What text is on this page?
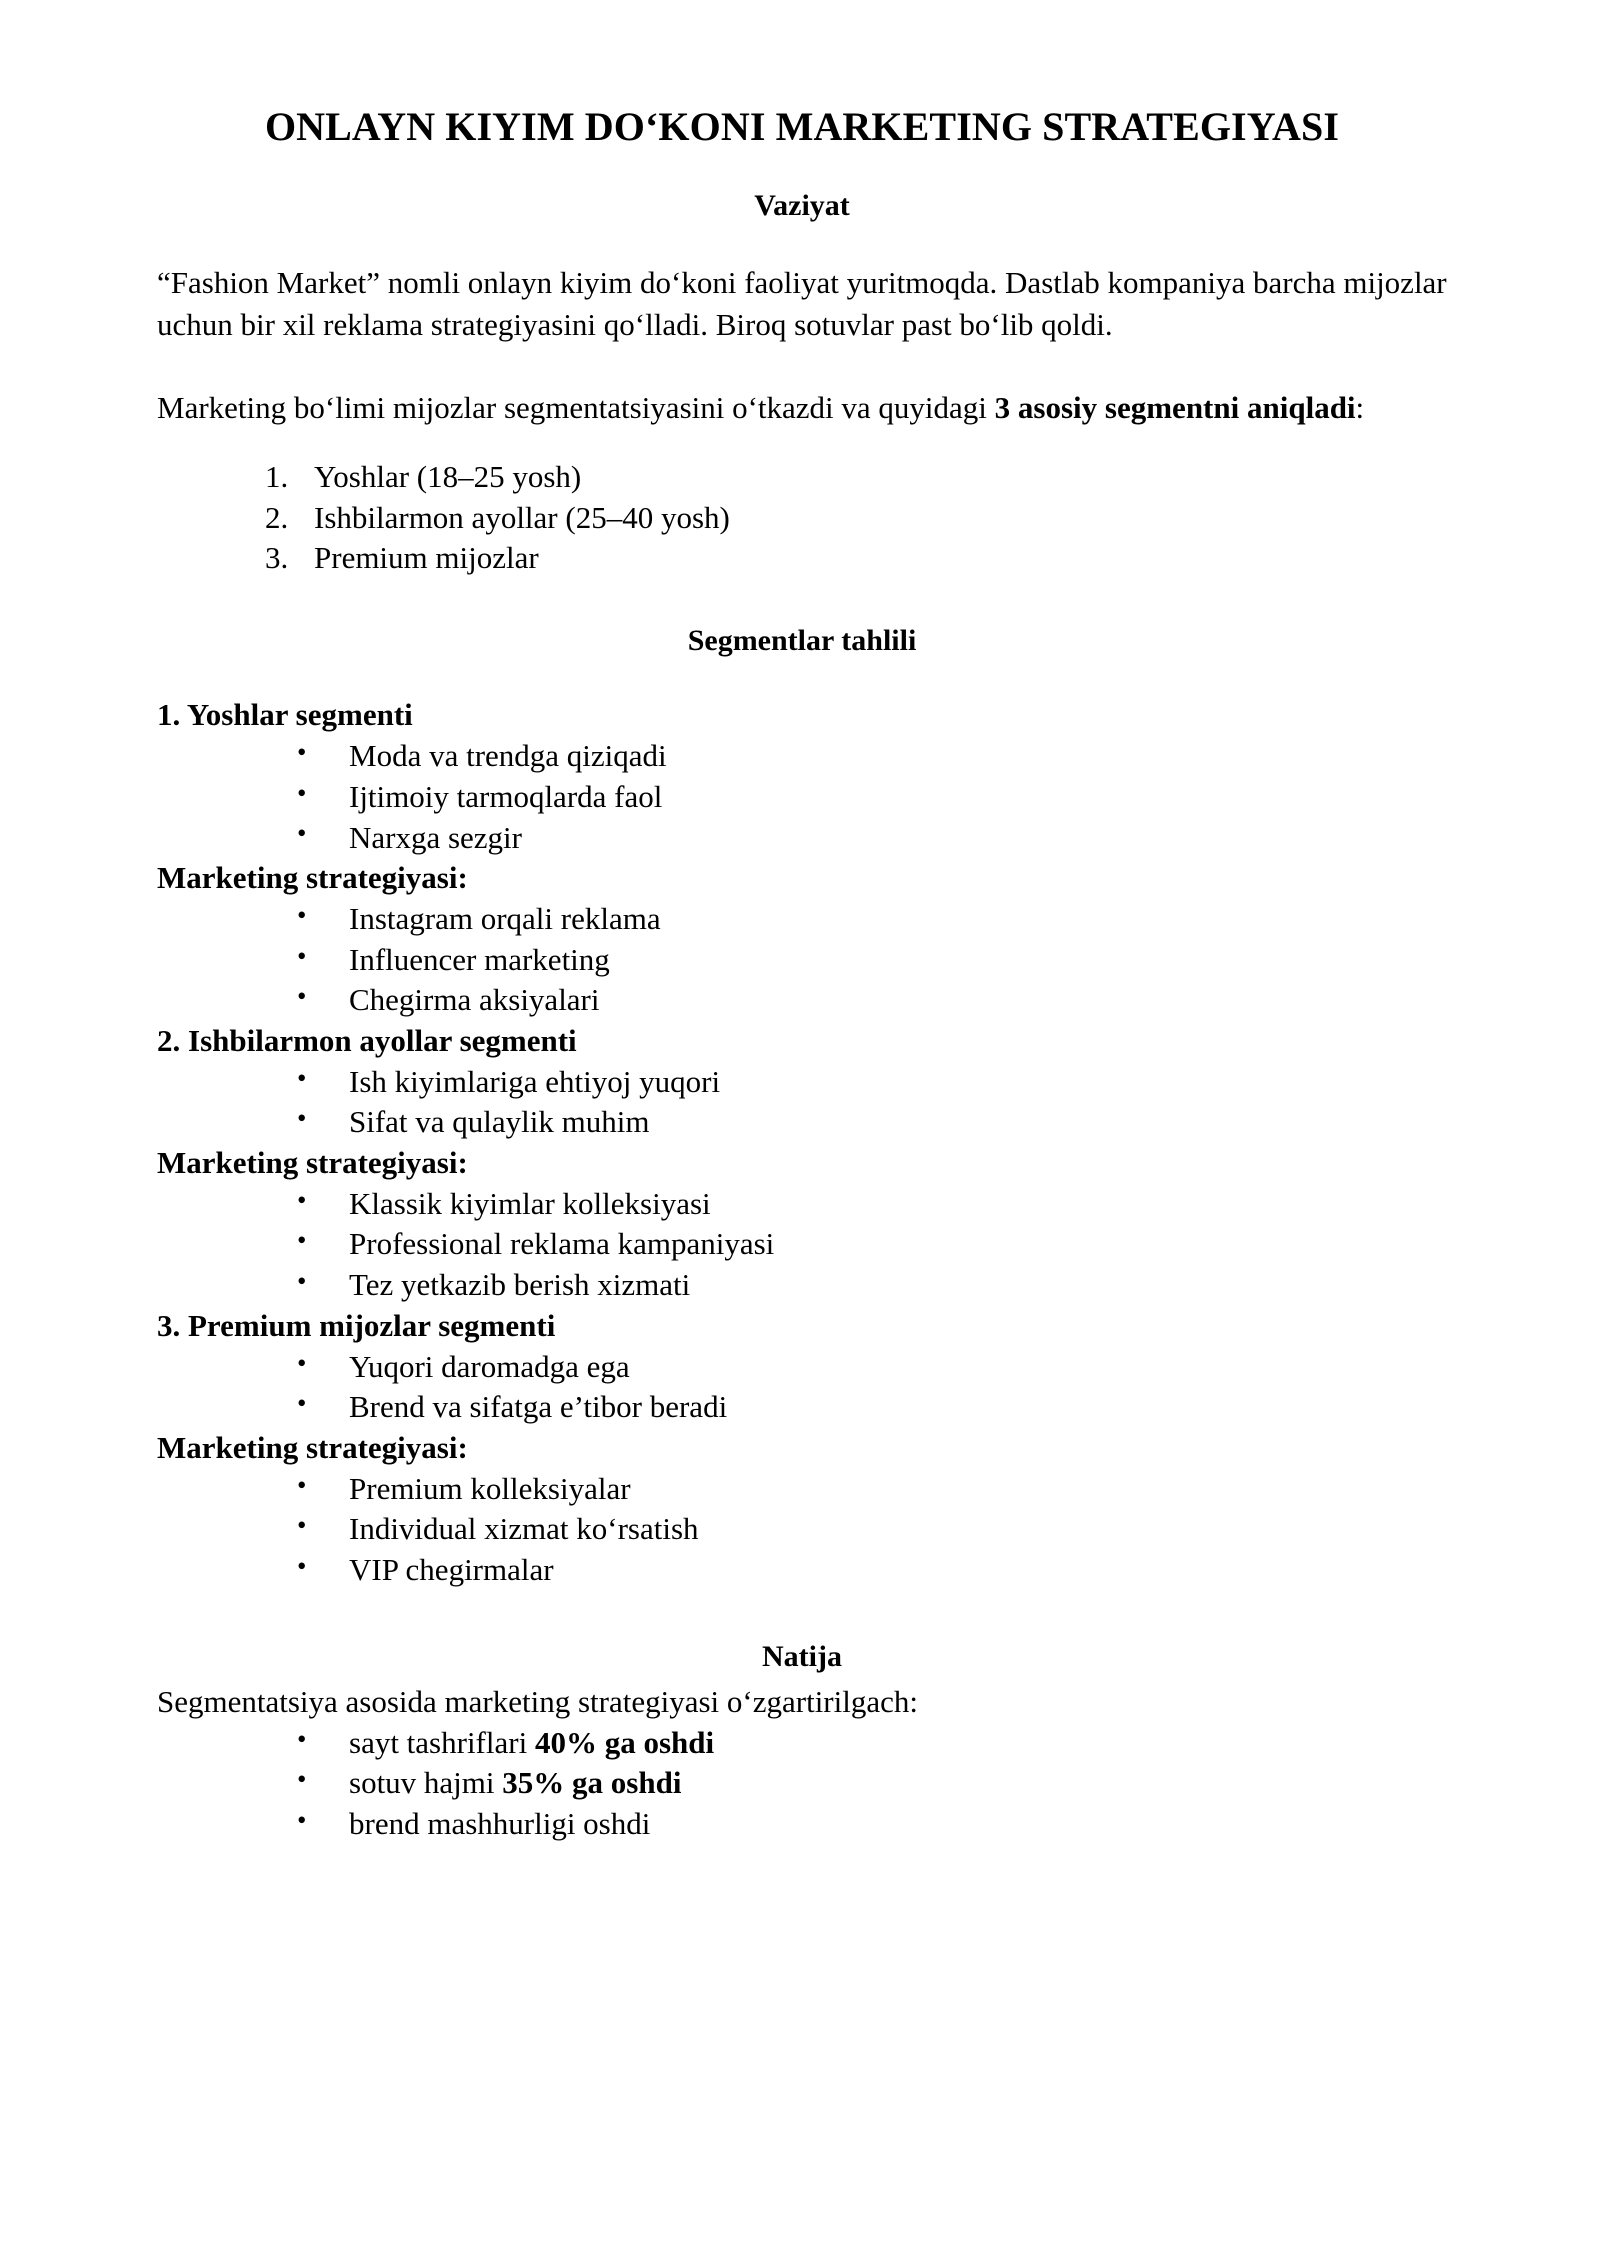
ONLAYN KIYIM DO‘KONI MARKETING STRATEGIYASI
Vaziyat

“Fashion Market” nomli onlayn kiyim do‘koni faoliyat yuritmoqda. Dastlab kompaniya barcha mijozlar uchun bir xil reklama strategiyasini qo‘lladi. Biroq sotuvlar past bo‘lib qoldi.

Marketing bo‘limi mijozlar segmentatsiyasini o‘tkazdi va quyidagi 3 asosiy segmentni aniqladi:

1. Yoshlar (18–25 yosh)
2. Ishbilarmon ayollar (25–40 yosh)
3. Premium mijozlar
Segmentlar tahlili
1. Yoshlar segmenti
• Moda va trendga qiziqadi
• Ijtimoiy tarmoqlarda faol
• Narxga sezgir
Marketing strategiyasi:
• Instagram orqali reklama
• Influencer marketing
• Chegirma aksiyalari
2. Ishbilarmon ayollar segmenti
• Ish kiyimlariga ehtiyoj yuqori
• Sifat va qulaylik muhim
Marketing strategiyasi:
• Klassik kiyimlar kolleksiyasi
• Professional reklama kampaniyasi
• Tez yetkazib berish xizmati
3. Premium mijozlar segmenti
• Yuqori daromadga ega
• Brend va sifatga e’tibor beradi
Marketing strategiyasi:
• Premium kolleksiyalar
• Individual xizmat ko‘rsatish
• VIP chegirmalar
Natija

Segmentatsiya asosida marketing strategiyasi o‘zgartirilgach:

• sayt tashriflari 40% ga oshdi
• sotuv hajmi 35% ga oshdi
• brend mashhurligi oshdi
